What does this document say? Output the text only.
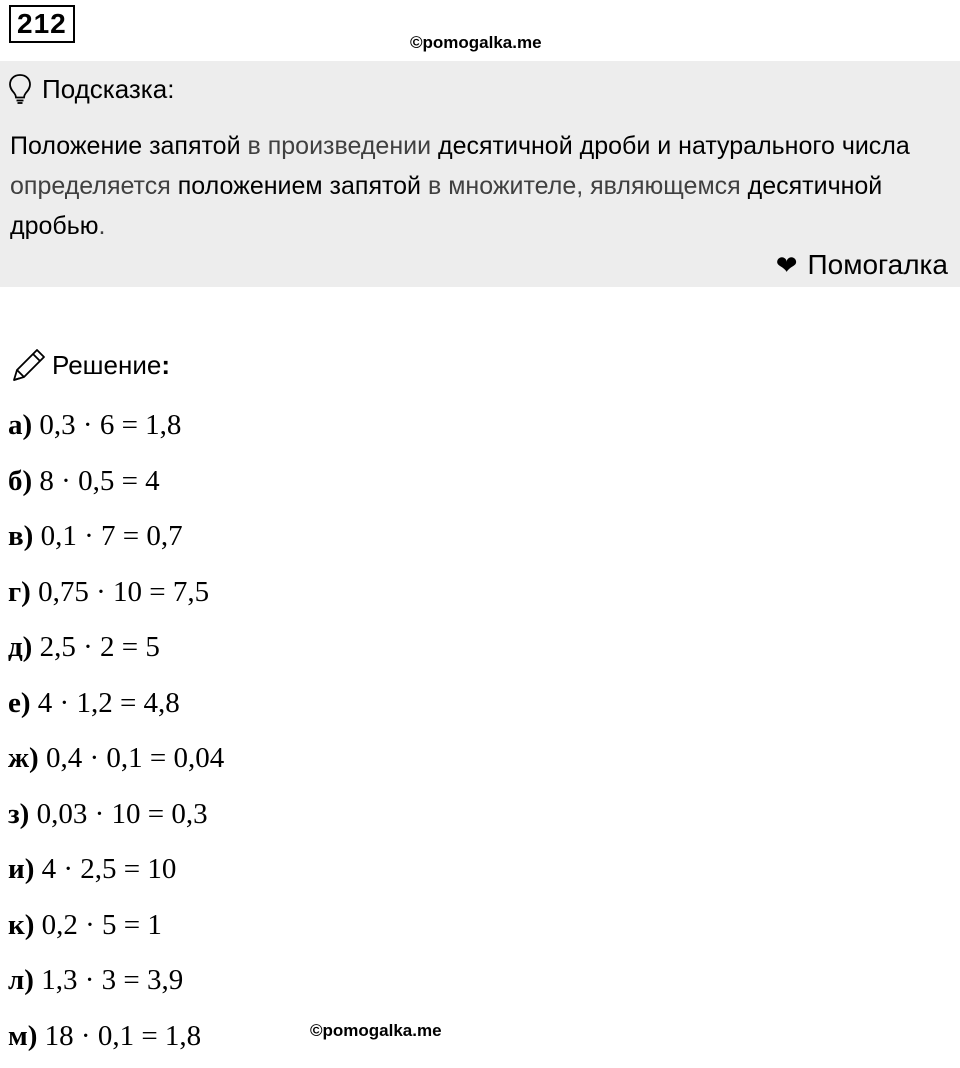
212
©pomogalka.me
Подсказка:
Положение запятой в произведении десятичной дроби и натурального числа определяется положением запятой в множителе, являющемся десятичной дробью.
❤ Помогалка
Решение :
а) 0,3 · 6 = 1,8
б) 8 · 0,5 = 4
в) 0,1 · 7 = 0,7
г) 0,75 · 10 = 7,5
д) 2,5 · 2 = 5
е) 4 · 1,2 = 4,8
ж) 0,4 · 0,1 = 0,04
з) 0,03 · 10 = 0,3
и) 4 · 2,5 = 10
к) 0,2 · 5 = 1
л) 1,3 · 3 = 3,9
м) 18 · 0,1 = 1,8	©pomogalka.me
